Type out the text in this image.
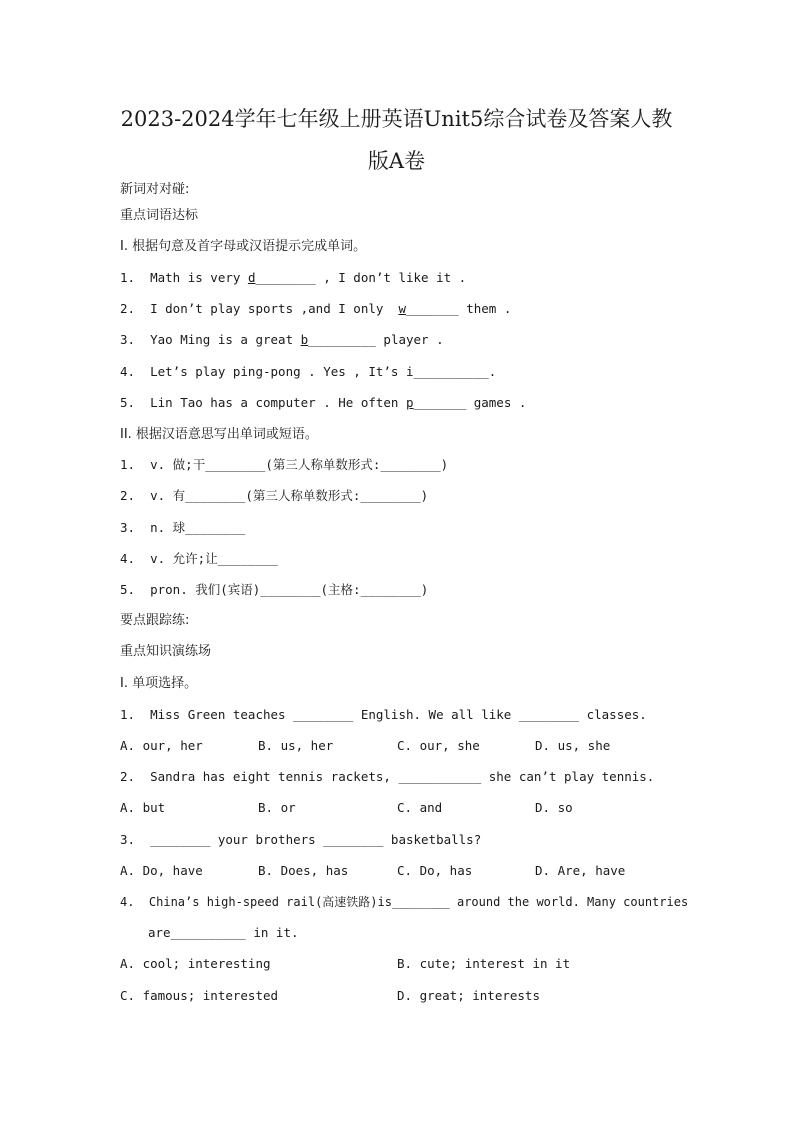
2023-2024学年七年级上册英语Unit5综合试卷及答案人教
版A卷
新词对对碰:
重点词语达标
I. 根据句意及首字母或汉语提示完成单词。
1.  Math is very d________ , I don’t like it .
2.  I don’t play sports ,and I only  w_______ them .
3.  Yao Ming is a great b_________ player .
4.  Let’s play ping-pong . Yes , It’s i__________.
5.  Lin Tao has a computer . He often p_______ games .
II. 根据汉语意思写出单词或短语。
1.  v. 做;干________(第三人称单数形式:________)
2.  v. 有________(第三人称单数形式:________)
3.  n. 球________
4.  v. 允许;让________
5.  pron. 我们(宾语)________(主格:________)
要点跟踪练:
重点知识演练场
I. 单项选择。
1.  Miss Green teaches ________ English. We all like ________ classes.
A. our, her	B. us, her	C. our, she	D. us, she
2.  Sandra has eight tennis rackets, ___________ she can’t play tennis.
A. but	B. or	C. and	D. so
3.  ________ your brothers ________ basketballs?
A. Do, have	B. Does, has	C. Do, has	D. Are, have
4.  China’s high-speed rail(高速铁路)is________ around the world. Many countries
are__________ in it.
A. cool; interesting	B. cute; interest in it
C. famous; interested	D. great; interests
